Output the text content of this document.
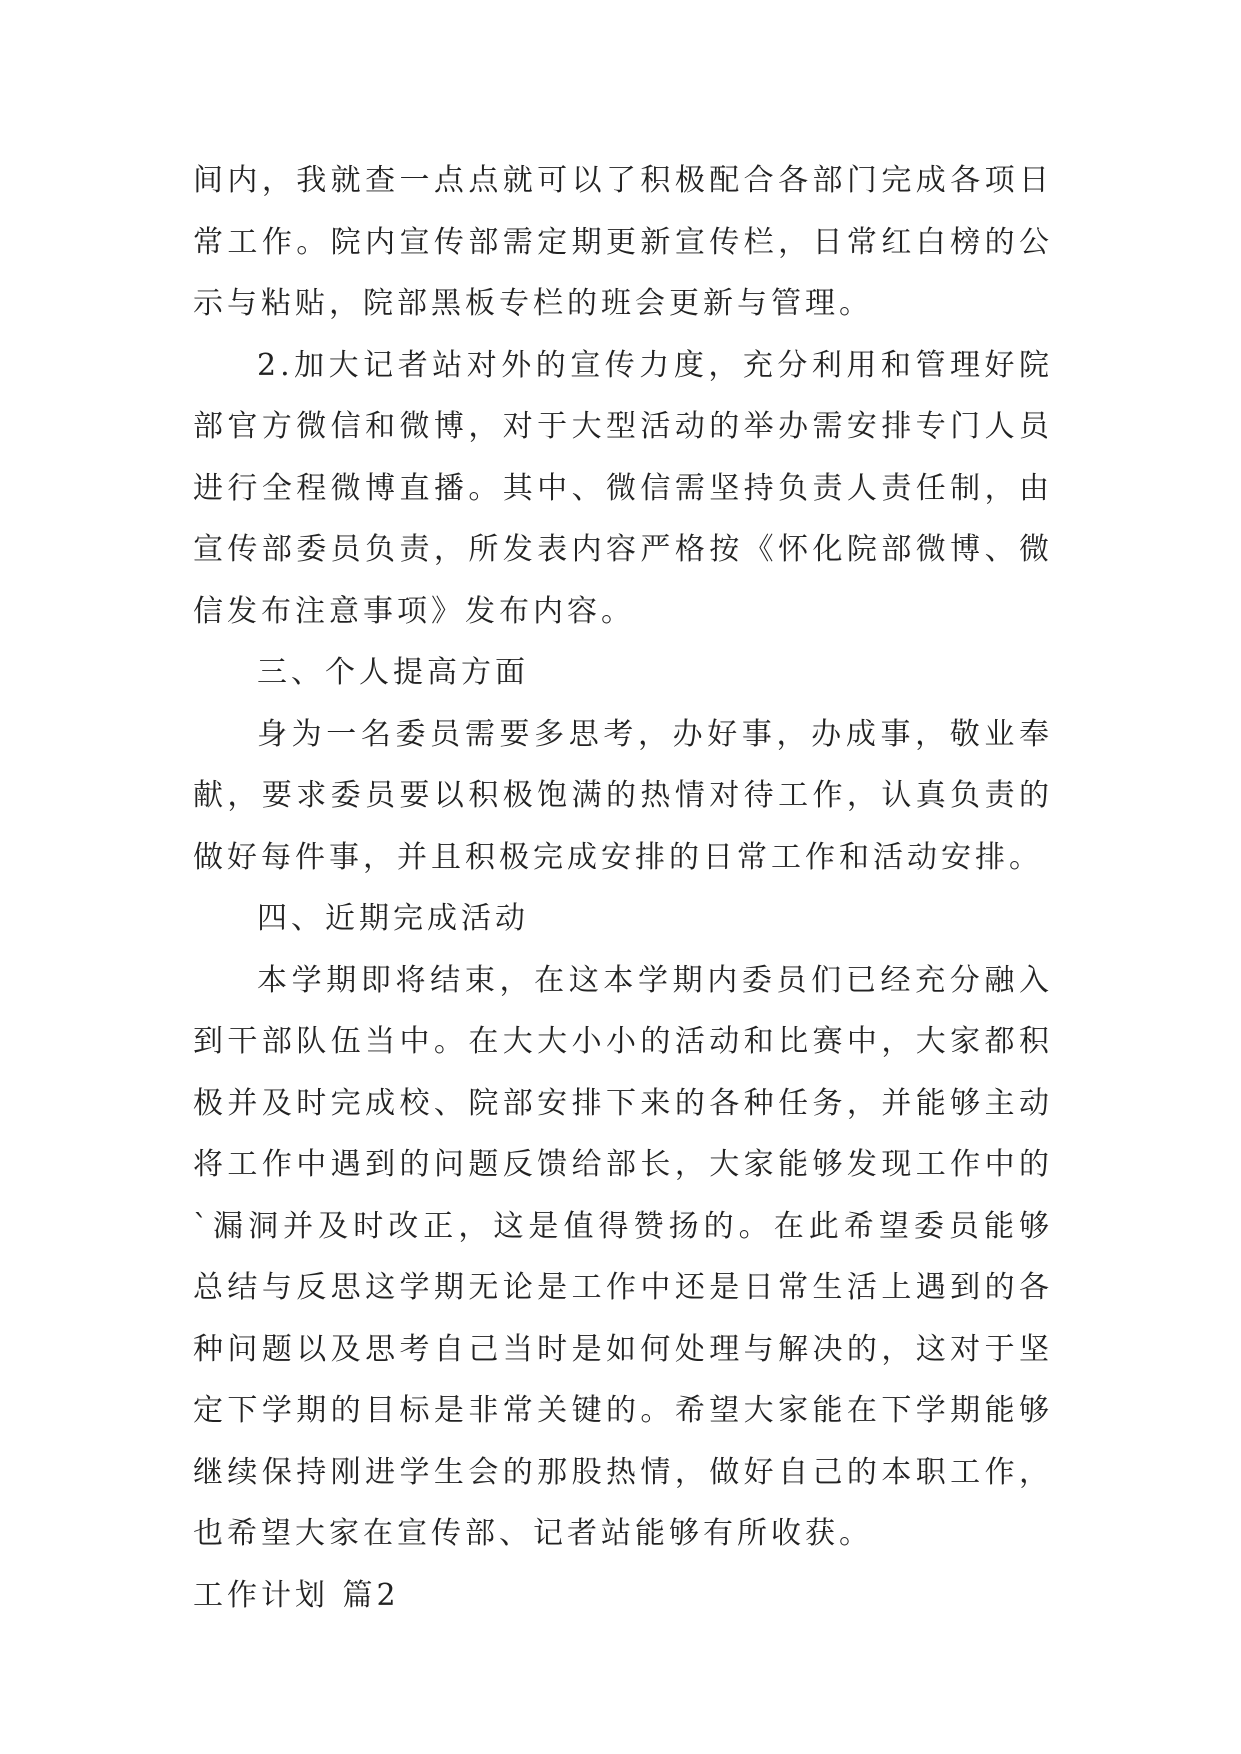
间内，我就查一点点就可以了积极配合各部门完成各项日常工作。院内宣传部需定期更新宣传栏，日常红白榜的公示与粘贴，院部黑板专栏的班会更新与管理。

2.加大记者站对外的宣传力度，充分利用和管理好院部官方微信和微博，对于大型活动的举办需安排专门人员进行全程微博直播。其中、微信需坚持负责人责任制，由宣传部委员负责，所发表内容严格按《怀化院部微博、微信发布注意事项》发布内容。

三、个人提高方面

身为一名委员需要多思考，办好事，办成事，敬业奉献，要求委员要以积极饱满的热情对待工作，认真负责的做好每件事，并且积极完成安排的日常工作和活动安排。

四、近期完成活动

本学期即将结束，在这本学期内委员们已经充分融入到干部队伍当中。在大大小小的活动和比赛中，大家都积极并及时完成校、院部安排下来的各种任务，并能够主动将工作中遇到的问题反馈给部长，大家能够发现工作中的`漏洞并及时改正，这是值得赞扬的。在此希望委员能够总结与反思这学期无论是工作中还是日常生活上遇到的各种问题以及思考自己当时是如何处理与解决的，这对于坚定下学期的目标是非常关键的。希望大家能在下学期能够继续保持刚进学生会的那股热情，做好自己的本职工作，也希望大家在宣传部、记者站能够有所收获。

工作计划 篇2
